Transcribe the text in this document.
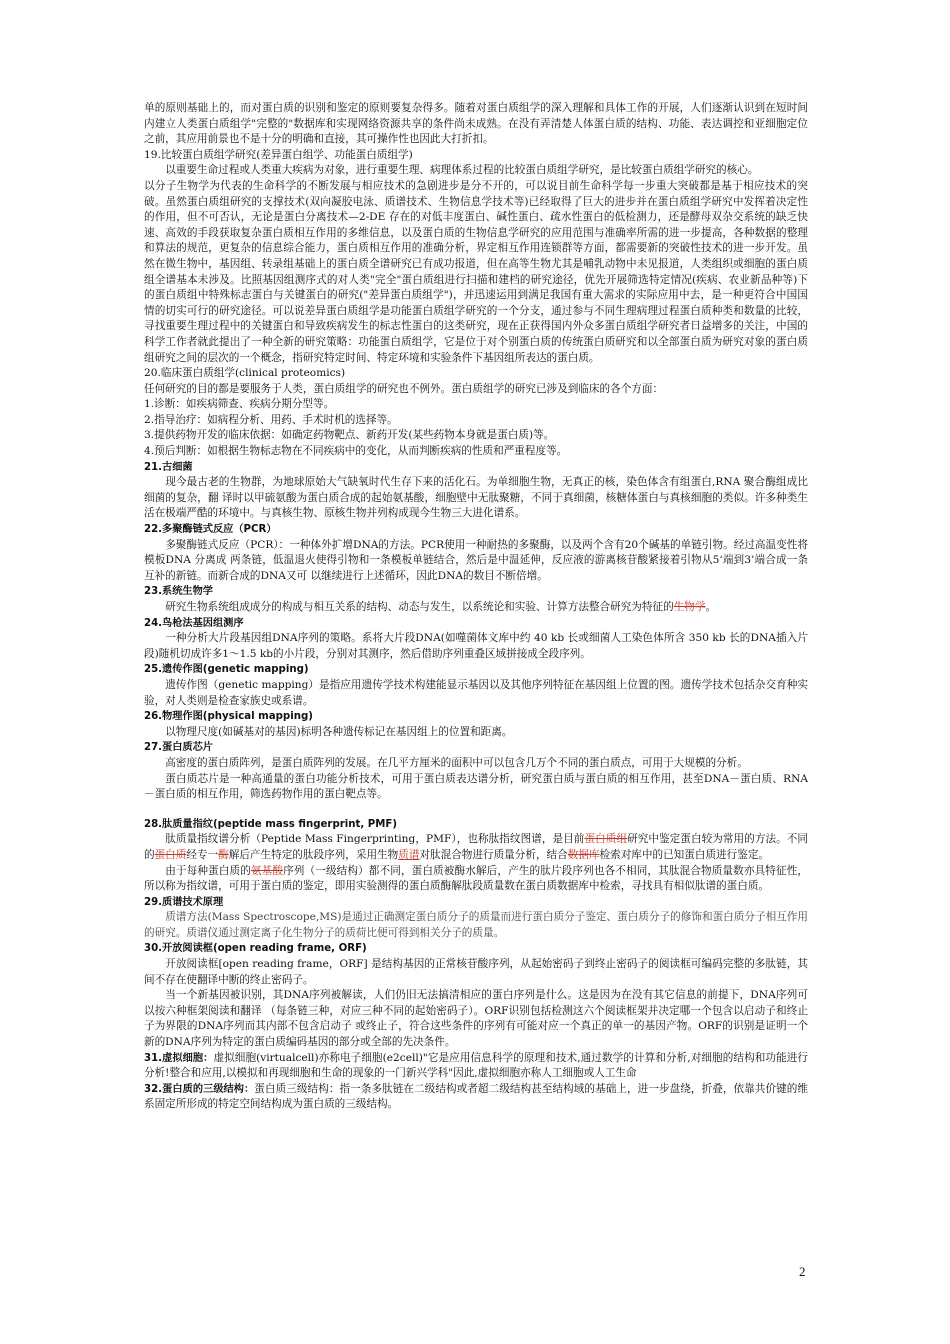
单的原则基础上的，而对蛋白质的识别和鉴定的原则要复杂得多。随着对蛋白质组学的深入理解和具体工作的开展，人们逐渐认识到在短时间内建立人类蛋白质组学"完整的"数据库和实现网络资源共享的条件尚未成熟。在没有弄清楚人体蛋白质的结构、功能、表达调控和亚细胞定位之前，其应用前景也不是十分的明确和直接，其可操作性也因此大打折扣。

19.比较蛋白质组学研究(差异蛋白组学、功能蛋白质组学)

以重要生命过程或人类重大疾病为对象，进行重要生理、病理体系过程的比较蛋白质组学研究，是比较蛋白质组学研究的核心。

以分子生物学为代表的生命科学的不断发展与相应技术的急剧进步是分不开的，可以说目前生命科学每一步重大突破都是基于相应技术的突破。虽然蛋白质组研究的支撑技术(双向凝胶电泳、质谱技术、生物信息学技术等)已经取得了巨大的进步并在蛋白质组学研究中发挥着决定性的作用，但不可否认，无论是蛋白分离技术—2-DE 存在的对低丰度蛋白、碱性蛋白、疏水性蛋白的低检测力，还是酵母双杂交系统的缺乏快速、高效的手段获取复杂蛋白质相互作用的多维信息，以及蛋白质的生物信息学研究的应用范围与准确率所需的进一步提高，各种数据的整理和算法的规范，更复杂的信息综合能力，蛋白质相互作用的准确分析，界定相互作用连锁群等方面，都需要新的突破性技术的进一步开发。虽然在微生物中，基因组、转录组基础上的蛋白质全谱研究已有成功报道，但在高等生物尤其是哺乳动物中未见报道，人类组织或细胞的蛋白质组全谱基本未涉及。比照基因组测序式的对人类"完全"蛋白质组进行扫描和建档的研究途径，优先开展筛选特定情况(疾病、农业新品种等)下的蛋白质组中特殊标志蛋白与关键蛋白的研究("差异蛋白质组学")，并迅速运用到满足我国有重大需求的实际应用中去，是一种更符合中国国情的切实可行的研究途径。可以说差异蛋白质组学是功能蛋白质组学研究的一个分支，通过参与不同生理病理过程蛋白质种类和数量的比较，寻找重要生理过程中的关键蛋白和导致疾病发生的标志性蛋白的这类研究，现在正获得国内外众多蛋白质组学研究者日益增多的关注，中国的科学工作者就此提出了一种全新的研究策略：功能蛋白质组学，它是位于对个别蛋白质的传统蛋白质研究和以全部蛋白质为研究对象的蛋白质组研究之间的层次的一个概念，指研究特定时间、特定环境和实验条件下基因组所表达的蛋白质。

20.临床蛋白质组学(clinical proteomics)

任何研究的目的都是要服务于人类，蛋白质组学的研究也不例外。蛋白质组学的研究已涉及到临床的各个方面：

1.诊断：如疾病筛查、疾病分期分型等。

2.指导治疗：如病程分析、用药、手术时机的选择等。

3.提供药物开发的临床依据：如确定药物靶点、新药开发(某些药物本身就是蛋白质)等。

4.预后判断：如根据生物标志物在不同疾病中的变化，从而判断疾病的性质和严重程度等。

21.古细菌

现今最古老的生物群，为地球原始大气缺氧时代生存下来的活化石。为单细胞生物，无真正的核，染色体含有组蛋白,RNA 聚合酶组成比细菌的复杂，翻 译时以甲硫氨酸为蛋白质合成的起始氨基酸，细胞壁中无肽聚糖，不同于真细菌，核糖体蛋白与真核细胞的类似。许多种类生活在极端严酷的环境中。与真核生物、原核生物并列构成现今生物三大进化谱系。

22.多聚酶链式反应（PCR）

多聚酶链式反应（PCR）：一种体外扩增DNA的方法。PCR使用一种耐热的多聚酶，以及两个含有20个碱基的单链引物。经过高温变性将模板DNA 分离成 两条链，低温退火使得引物和一条模板单链结合，然后是中温延伸，反应液的游离核苷酸紧接着引物从5‘端到3’端合成一条互补的新链。而新合成的DNA又可 以继续进行上述循环，因此DNA的数目不断倍增。

23.系统生物学

研究生物系统组成成分的构成与相互关系的结构、动态与发生，以系统论和实验、计算方法整合研究为特征的生物学。

24.鸟枪法基因组测序

一种分析大片段基因组DNA序列的策略。系将大片段DNA(如噬菌体文库中约 40 kb 长或细菌人工染色体所含 350 kb 长的DNA插入片段)随机切成许多1～1.5 kb的小片段，分别对其测序，然后借助序列重叠区域拼接成全段序列。

25.遗传作图(genetic mapping)

遗传作图（genetic mapping）是指应用遗传学技术构建能显示基因以及其他序列特征在基因组上位置的图。遗传学技术包括杂交育种实验，对人类则是检查家族史或系谱。

26.物理作图(physical mapping)

以物理尺度(如碱基对的基因)标明各种遗传标记在基因组上的位置和距离。

27.蛋白质芯片

高密度的蛋白质阵列，是蛋白质阵列的发展。在几平方厘米的面积中可以包含几万个不同的蛋白质点，可用于大规模的分析。

蛋白质芯片是一种高通量的蛋白功能分析技术，可用于蛋白质表达谱分析，研究蛋白质与蛋白质的相互作用，甚至DNA－蛋白质、RNA－蛋白质的相互作用，筛选药物作用的蛋白靶点等。

28.肽质量指纹(peptide mass fingerprint, PMF)

肽质量指纹谱分析（Peptide Mass Fingerprinting，PMF），也称肽指纹图谱，是目前蛋白质组研究中鉴定蛋白较为常用的方法。不同的蛋白质经专一酶解后产生特定的肽段序列，采用生物质谱对肽混合物进行质量分析，结合数据库检索对库中的已知蛋白质进行鉴定。

由于每种蛋白质的氨基酸序列（一级结构）都不同，蛋白质被酶水解后，产生的肽片段序列也各不相同，其肽混合物质量数亦具特征性，所以称为指纹谱，可用于蛋白质的鉴定，即用实验测得的蛋白质酶解肽段质量数在蛋白质数据库中检索，寻找具有相似肽谱的蛋白质。

29.质谱技术原理

质谱方法(Mass Spectroscope,MS)是通过正确测定蛋白质分子的质量而进行蛋白质分子鉴定、蛋白质分子的修饰和蛋白质分子相互作用的研究。质谱仪通过测定离子化生物分子的质荷比便可得到相关分子的质量。

30.开放阅读框(open reading frame, ORF)

开放阅读框[open reading frame，ORF] 是结构基因的正常核苷酸序列，从起始密码子到终止密码子的阅读框可编码完整的多肽链，其间不存在使翻译中断的终止密码子。

当一个新基因被识别，其DNA序列被解读，人们仍旧无法搞清相应的蛋白序列是什么。这是因为在没有其它信息的前提下，DNA序列可以按六种框架阅读和翻译 （每条链三种，对应三种不同的起始密码子）。ORF识别包括检测这六个阅读框架并决定哪一个包含以启动子和终止子为界限的DNA序列而其内部不包含启动子 或终止子，符合这些条件的序列有可能对应一个真正的单一的基因产物。ORF的识别是证明一个新的DNA序列为特定的蛋白质编码基因的部分或全部的先决条件。

31.虚拟细胞：虚拟细胞(virtualcell)亦称电子细胞(e2cell)"它是应用信息科学的原理和技术,通过数学的计算和分析,对细胞的结构和功能进行分析!整合和应用,以模拟和再现细胞和生命的现象的一门新兴学科"因此,虚拟细胞亦称人工细胞或人工生命

32.蛋白质的三级结构：蛋白质三级结构：指一条多肽链在二级结构或者超二级结构甚至结构域的基础上，进一步盘绕，折叠，依靠共价键的维系固定所形成的特定空间结构成为蛋白质的三级结构。

2
